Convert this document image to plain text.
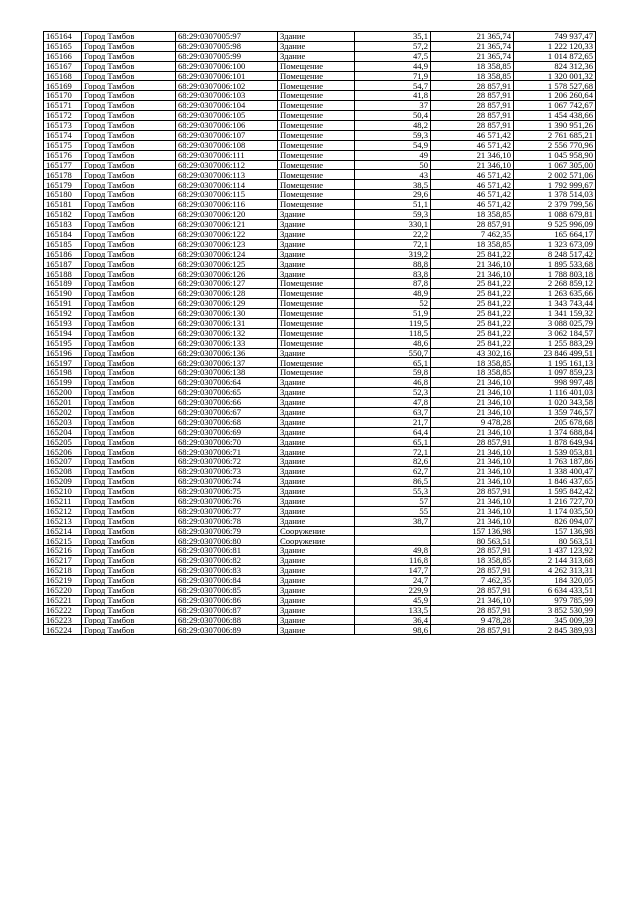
165164	Город Тамбов	68:29:0307005:97	Здание	35,1	21 365,74	749 937,47
165165	Город Тамбов	68:29:0307005:98	Здание	57,2	21 365,74	1 222 120,33
165166	Город Тамбов	68:29:0307005:99	Здание	47,5	21 365,74	1 014 872,65
165167	Город Тамбов	68:29:0307006:100	Помещение	44,9	18 358,85	824 312,36
165168	Город Тамбов	68:29:0307006:101	Помещение	71,9	18 358,85	1 320 001,32
165169	Город Тамбов	68:29:0307006:102	Помещение	54,7	28 857,91	1 578 527,68
165170	Город Тамбов	68:29:0307006:103	Помещение	41,8	28 857,91	1 206 260,64
165171	Город Тамбов	68:29:0307006:104	Помещение	37	28 857,91	1 067 742,67
165172	Город Тамбов	68:29:0307006:105	Помещение	50,4	28 857,91	1 454 438,66
165173	Город Тамбов	68:29:0307006:106	Помещение	48,2	28 857,91	1 390 951,26
165174	Город Тамбов	68:29:0307006:107	Помещение	59,3	46 571,42	2 761 685,21
165175	Город Тамбов	68:29:0307006:108	Помещение	54,9	46 571,42	2 556 770,96
165176	Город Тамбов	68:29:0307006:111	Помещение	49	21 346,10	1 045 958,90
165177	Город Тамбов	68:29:0307006:112	Помещение	50	21 346,10	1 067 305,00
165178	Город Тамбов	68:29:0307006:113	Помещение	43	46 571,42	2 002 571,06
165179	Город Тамбов	68:29:0307006:114	Помещение	38,5	46 571,42	1 792 999,67
165180	Город Тамбов	68:29:0307006:115	Помещение	29,6	46 571,42	1 378 514,03
165181	Город Тамбов	68:29:0307006:116	Помещение	51,1	46 571,42	2 379 799,56
165182	Город Тамбов	68:29:0307006:120	Здание	59,3	18 358,85	1 088 679,81
165183	Город Тамбов	68:29:0307006:121	Здание	330,1	28 857,91	9 525 996,09
165184	Город Тамбов	68:29:0307006:122	Здание	22,2	7 462,35	165 664,17
165185	Город Тамбов	68:29:0307006:123	Здание	72,1	18 358,85	1 323 673,09
165186	Город Тамбов	68:29:0307006:124	Здание	319,2	25 841,22	8 248 517,42
165187	Город Тамбов	68:29:0307006:125	Здание	88,8	21 346,10	1 895 533,68
165188	Город Тамбов	68:29:0307006:126	Здание	83,8	21 346,10	1 788 803,18
165189	Город Тамбов	68:29:0307006:127	Помещение	87,8	25 841,22	2 268 859,12
165190	Город Тамбов	68:29:0307006:128	Помещение	48,9	25 841,22	1 263 635,66
165191	Город Тамбов	68:29:0307006:129	Помещение	52	25 841,22	1 343 743,44
165192	Город Тамбов	68:29:0307006:130	Помещение	51,9	25 841,22	1 341 159,32
165193	Город Тамбов	68:29:0307006:131	Помещение	119,5	25 841,22	3 088 025,79
165194	Город Тамбов	68:29:0307006:132	Помещение	118,5	25 841,22	3 062 184,57
165195	Город Тамбов	68:29:0307006:133	Помещение	48,6	25 841,22	1 255 883,29
165196	Город Тамбов	68:29:0307006:136	Здание	550,7	43 302,16	23 846 499,51
165197	Город Тамбов	68:29:0307006:137	Помещение	65,1	18 358,85	1 195 161,13
165198	Город Тамбов	68:29:0307006:138	Помещение	59,8	18 358,85	1 097 859,23
165199	Город Тамбов	68:29:0307006:64	Здание	46,8	21 346,10	998 997,48
165200	Город Тамбов	68:29:0307006:65	Здание	52,3	21 346,10	1 116 401,03
165201	Город Тамбов	68:29:0307006:66	Здание	47,8	21 346,10	1 020 343,58
165202	Город Тамбов	68:29:0307006:67	Здание	63,7	21 346,10	1 359 746,57
165203	Город Тамбов	68:29:0307006:68	Здание	21,7	9 478,28	205 678,68
165204	Город Тамбов	68:29:0307006:69	Здание	64,4	21 346,10	1 374 688,84
165205	Город Тамбов	68:29:0307006:70	Здание	65,1	28 857,91	1 878 649,94
165206	Город Тамбов	68:29:0307006:71	Здание	72,1	21 346,10	1 539 053,81
165207	Город Тамбов	68:29:0307006:72	Здание	82,6	21 346,10	1 763 187,86
165208	Город Тамбов	68:29:0307006:73	Здание	62,7	21 346,10	1 338 400,47
165209	Город Тамбов	68:29:0307006:74	Здание	86,5	21 346,10	1 846 437,65
165210	Город Тамбов	68:29:0307006:75	Здание	55,3	28 857,91	1 595 842,42
165211	Город Тамбов	68:29:0307006:76	Здание	57	21 346,10	1 216 727,70
165212	Город Тамбов	68:29:0307006:77	Здание	55	21 346,10	1 174 035,50
165213	Город Тамбов	68:29:0307006:78	Здание	38,7	21 346,10	826 094,07
165214	Город Тамбов	68:29:0307006:79	Сооружение		157 136,98	157 136,98
165215	Город Тамбов	68:29:0307006:80	Сооружение		80 563,51	80 563,51
165216	Город Тамбов	68:29:0307006:81	Здание	49,8	28 857,91	1 437 123,92
165217	Город Тамбов	68:29:0307006:82	Здание	116,8	18 358,85	2 144 313,68
165218	Город Тамбов	68:29:0307006:83	Здание	147,7	28 857,91	4 262 313,31
165219	Город Тамбов	68:29:0307006:84	Здание	24,7	7 462,35	184 320,05
165220	Город Тамбов	68:29:0307006:85	Здание	229,9	28 857,91	6 634 433,51
165221	Город Тамбов	68:29:0307006:86	Здание	45,9	21 346,10	979 785,99
165222	Город Тамбов	68:29:0307006:87	Здание	133,5	28 857,91	3 852 530,99
165223	Город Тамбов	68:29:0307006:88	Здание	36,4	9 478,28	345 009,39
165224	Город Тамбов	68:29:0307006:89	Здание	98,6	28 857,91	2 845 389,93
